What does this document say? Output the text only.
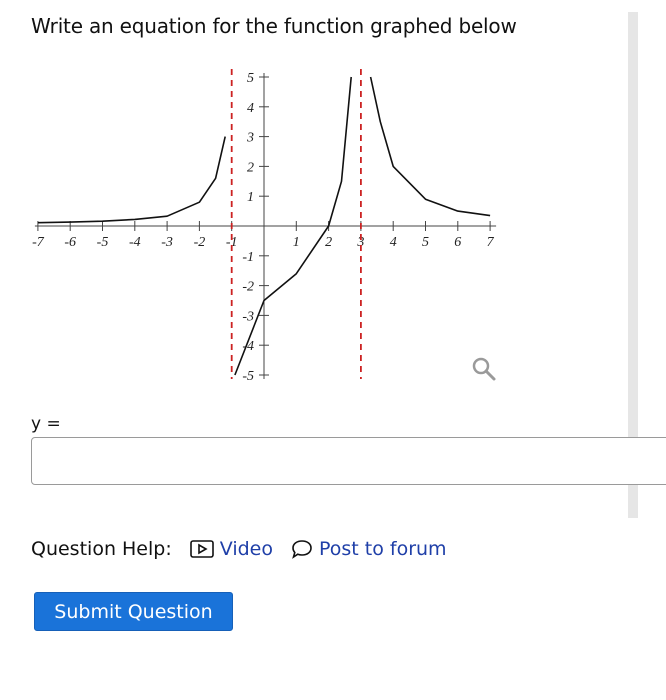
Write an equation for the function graphed below
-7 -6 -5 -4 -3 -2 -1	1 2 3 4 5 6 7
5
4
3
2
1
-1
-2
-3
-4
-5
y =
Question Help:	Video Post to forum
Submit Question
